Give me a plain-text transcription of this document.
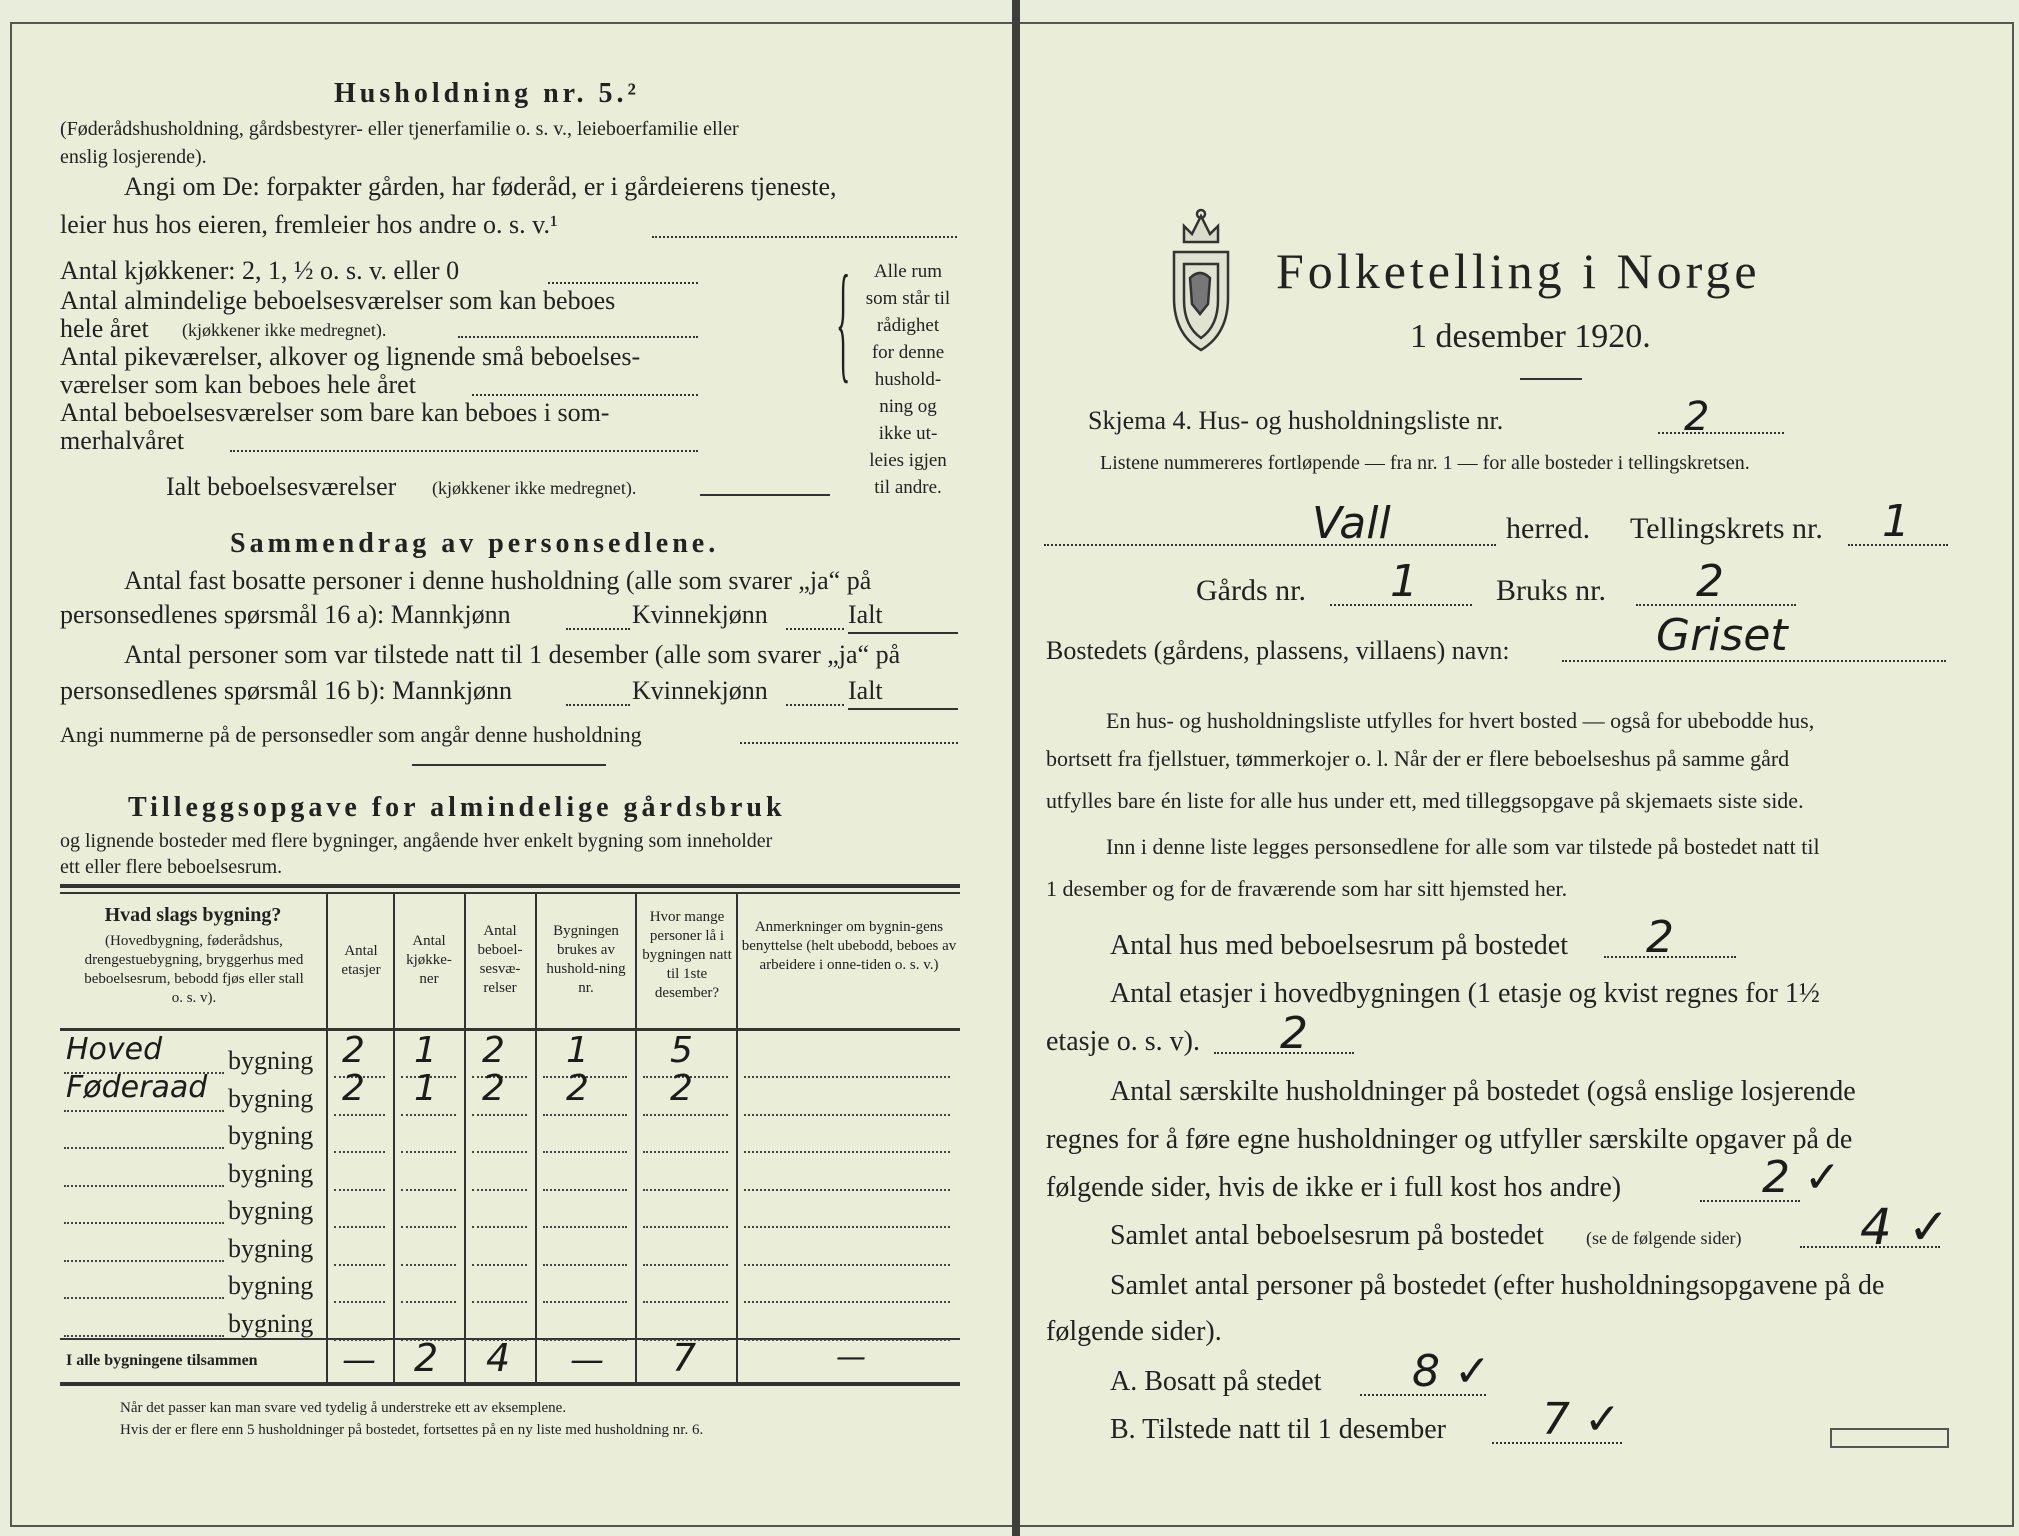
Husholdning nr. 5.²
(Føderådshusholdning, gårdsbestyrer- eller tjenerfamilie o. s. v., leieboerfamilie eller
enslig losjerende).
Angi om De: forpakter gården, har føderåd, er i gårdeierens tjeneste,
leier hus hos eieren, fremleier hos andre o. s. v.¹
Antal kjøkkener: 2, 1, ½ o. s. v. eller 0
Antal almindelige beboelsesværelser som kan beboes
hele året (kjøkkener ikke medregnet).
Antal pikeværelser, alkover og lignende små beboelses-
værelser som kan beboes hele året
Antal beboelsesværelser som bare kan beboes i som-
merhalvåret
Ialt beboelsesværelser (kjøkkener ikke medregnet).
{	Alle rum
som står til
rådighet
for denne
hushold-
ning og
ikke ut-
leies igjen
til andre.
Sammendrag av personsedlene.
Antal fast bosatte personer i denne husholdning (alle som svarer „ja“ på
personsedlenes spørsmål 16 a): Mannkjønn	Kvinnekjønn	Ialt
Antal personer som var tilstede natt til 1 desember (alle som svarer „ja“ på
personsedlenes spørsmål 16 b): Mannkjønn	Kvinnekjønn	Ialt
Angi nummerne på de personsedler som angår denne husholdning
Tilleggsopgave for almindelige gårdsbruk
og lignende bosteder med flere bygninger, angående hver enkelt bygning som inneholder
ett eller flere beboelsesrum.
Hvad slags bygning?
(Hovedbygning, føderådshus, drengestuebygning, bryggerhus med beboelsesrum, bebodd fjøs eller stall o. s. v).
Antal etasjer
Antal kjøkke-ner
Antal beboel-sesvæ-relser
Bygningen brukes av hushold-ning nr.
Hvor mange personer lå i bygningen natt til 1ste desember?
Anmerkninger om bygnin-gens benyttelse (helt ubebodd, beboes av arbeidere i onne-tiden o. s. v.)
Hoved	bygning 2 1 2 1 5
Føderaad bygning 2 1 2 2 2
bygning
bygning
bygning
bygning
bygning
bygning
I alle bygningene tilsammen — 2 4 — 7	—
Når det passer kan man svare ved tydelig å understreke ett av eksemplene.
Hvis der er flere enn 5 husholdninger på bostedet, fortsettes på en ny liste med husholdning nr. 6.
Folketelling i Norge
1 desember 1920.
Skjema 4. Hus- og husholdningsliste nr.	2
Listene nummereres fortløpende — fra nr. 1 — for alle bosteder i tellingskretsen.
Vall	herred. Tellingskrets nr. 1
Gårds nr. 1	Bruks nr. 2
Bostedets (gårdens, plassens, villaens) navn:	Griset
En hus- og husholdningsliste utfylles for hvert bosted — også for ubebodde hus,
bortsett fra fjellstuer, tømmerkojer o. l. Når der er flere beboelseshus på samme gård
utfylles bare én liste for alle hus under ett, med tilleggsopgave på skjemaets siste side.
Inn i denne liste legges personsedlene for alle som var tilstede på bostedet natt til
1 desember og for de fraværende som har sitt hjemsted her.
Antal hus med beboelsesrum på bostedet 2
Antal etasjer i hovedbygningen (1 etasje og kvist regnes for 1½
etasje o. s. v). 2
Antal særskilte husholdninger på bostedet (også enslige losjerende
regnes for å føre egne husholdninger og utfyller særskilte opgaver på de
følgende sider, hvis de ikke er i full kost hos andre)	2 ✓
Samlet antal beboelsesrum på bostedet (se de følgende sider) 4 ✓
Samlet antal personer på bostedet (efter husholdningsopgavene på de
følgende sider).
A. Bosatt på stedet 8 ✓
B. Tilstede natt til 1 desember 7 ✓
